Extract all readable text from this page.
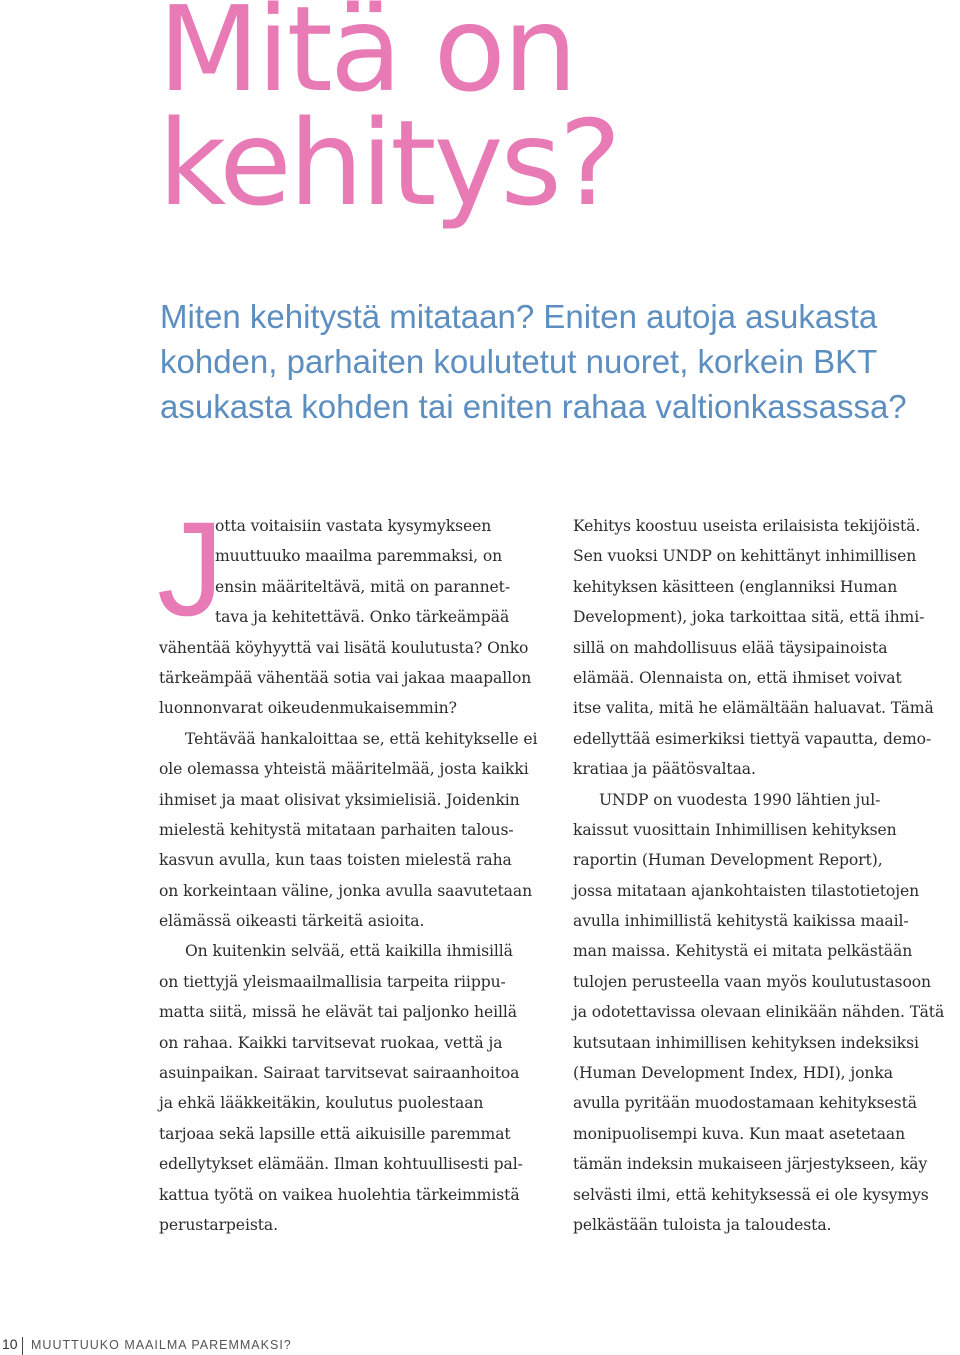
Mitä on
kehitys?

Miten kehitystä mitataan? Eniten autoja asukasta
kohden, parhaiten koulutetut nuoret, korkein BKT
asukasta kohden tai eniten rahaa valtionkassassa?

J
otta voitaisiin vastata kysymykseen
muuttuuko maailma paremmaksi, on
ensin määriteltävä, mitä on parannet-
tava ja kehitettävä. Onko tärkeämpää
vähentää köyhyyttä vai lisätä koulutusta? Onko
tärkeämpää vähentää sotia vai jakaa maapallon
luonnonvarat oikeudenmukaisemmin?
Tehtävää hankaloittaa se, että kehitykselle ei
ole olemassa yhteistä määritelmää, josta kaikki
ihmiset ja maat olisivat yksimielisiä. Joidenkin
mielestä kehitystä mitataan parhaiten talous-
kasvun avulla, kun taas toisten mielestä raha
on korkeintaan väline, jonka avulla saavutetaan
elämässä oikeasti tärkeitä asioita.
On kuitenkin selvää, että kaikilla ihmisillä
on tiettyjä yleismaailmallisia tarpeita riippu-
matta siitä, missä he elävät tai paljonko heillä
on rahaa. Kaikki tarvitsevat ruokaa, vettä ja
asuinpaikan. Sairaat tarvitsevat sairaanhoitoa
ja ehkä lääkkeitäkin, koulutus puolestaan
tarjoaa sekä lapsille että aikuisille paremmat
edellytykset elämään. Ilman kohtuullisesti pal-
kattua työtä on vaikea huolehtia tärkeimmistä
perustarpeista.
Kehitys koostuu useista erilaisista tekijöistä.
Sen vuoksi UNDP on kehittänyt inhimillisen
kehityksen käsitteen (englanniksi Human
Development), joka tarkoittaa sitä, että ihmi-
sillä on mahdollisuus elää täysipainoista
elämää. Olennaista on, että ihmiset voivat
itse valita, mitä he elämältään haluavat. Tämä
edellyttää esimerkiksi tiettyä vapautta, demo-
kratiaa ja päätösvaltaa.
UNDP on vuodesta 1990 lähtien jul-
kaissut vuosittain Inhimillisen kehityksen
raportin (Human Development Report),
jossa mitataan ajankohtaisten tilastotietojen
avulla inhimillistä kehitystä kaikissa maail-
man maissa. Kehitystä ei mitata pelkästään
tulojen perusteella vaan myös koulutustasoon
ja odotettavissa olevaan elinikään nähden. Tätä
kutsutaan inhimillisen kehityksen indeksiksi
(Human Development Index, HDI), jonka
avulla pyritään muodostamaan kehityksestä
monipuolisempi kuva. Kun maat asetetaan
tämän indeksin mukaiseen järjestykseen, käy
selvästi ilmi, että kehityksessä ei ole kysymys
pelkästään tuloista ja taloudesta.
10 MUUTTUUKO MAAILMA PAREMMAKSI?
